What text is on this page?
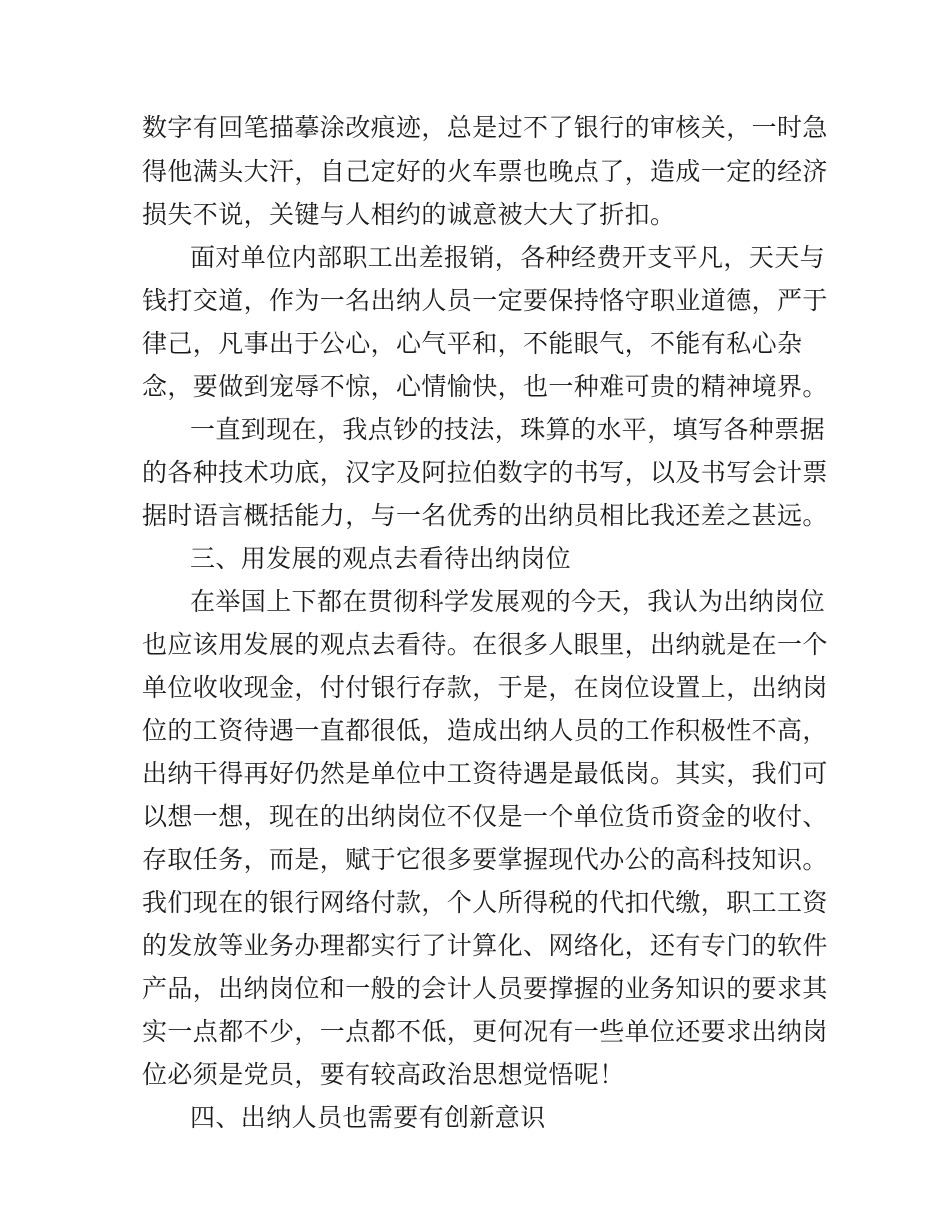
数字有回笔描摹涂改痕迹，总是过不了银行的审核关，一时急
得他满头大汗，自己定好的火车票也晚点了，造成一定的经济
损失不说，关键与人相约的诚意被大大了折扣。
面对单位内部职工出差报销，各种经费开支平凡，天天与
钱打交道，作为一名出纳人员一定要保持恪守职业道德，严于
律己，凡事出于公心，心气平和，不能眼气，不能有私心杂
念，要做到宠辱不惊，心情愉快，也一种难可贵的精神境界。
一直到现在，我点钞的技法，珠算的水平，填写各种票据
的各种技术功底，汉字及阿拉伯数字的书写，以及书写会计票
据时语言概括能力，与一名优秀的出纳员相比我还差之甚远。
三、用发展的观点去看待出纳岗位
在举国上下都在贯彻科学发展观的今天，我认为出纳岗位
也应该用发展的观点去看待。在很多人眼里，出纳就是在一个
单位收收现金，付付银行存款，于是，在岗位设置上，出纳岗
位的工资待遇一直都很低，造成出纳人员的工作积极性不高，
出纳干得再好仍然是单位中工资待遇是最低岗。其实，我们可
以想一想，现在的出纳岗位不仅是一个单位货币资金的收付、
存取任务，而是，赋于它很多要掌握现代办公的高科技知识。
我们现在的银行网络付款，个人所得税的代扣代缴，职工工资
的发放等业务办理都实行了计算化、网络化，还有专门的软件
产品，出纳岗位和一般的会计人员要撑握的业务知识的要求其
实一点都不少，一点都不低，更何况有一些单位还要求出纳岗
位必须是党员，要有较高政治思想觉悟呢！
四、出纳人员也需要有创新意识
